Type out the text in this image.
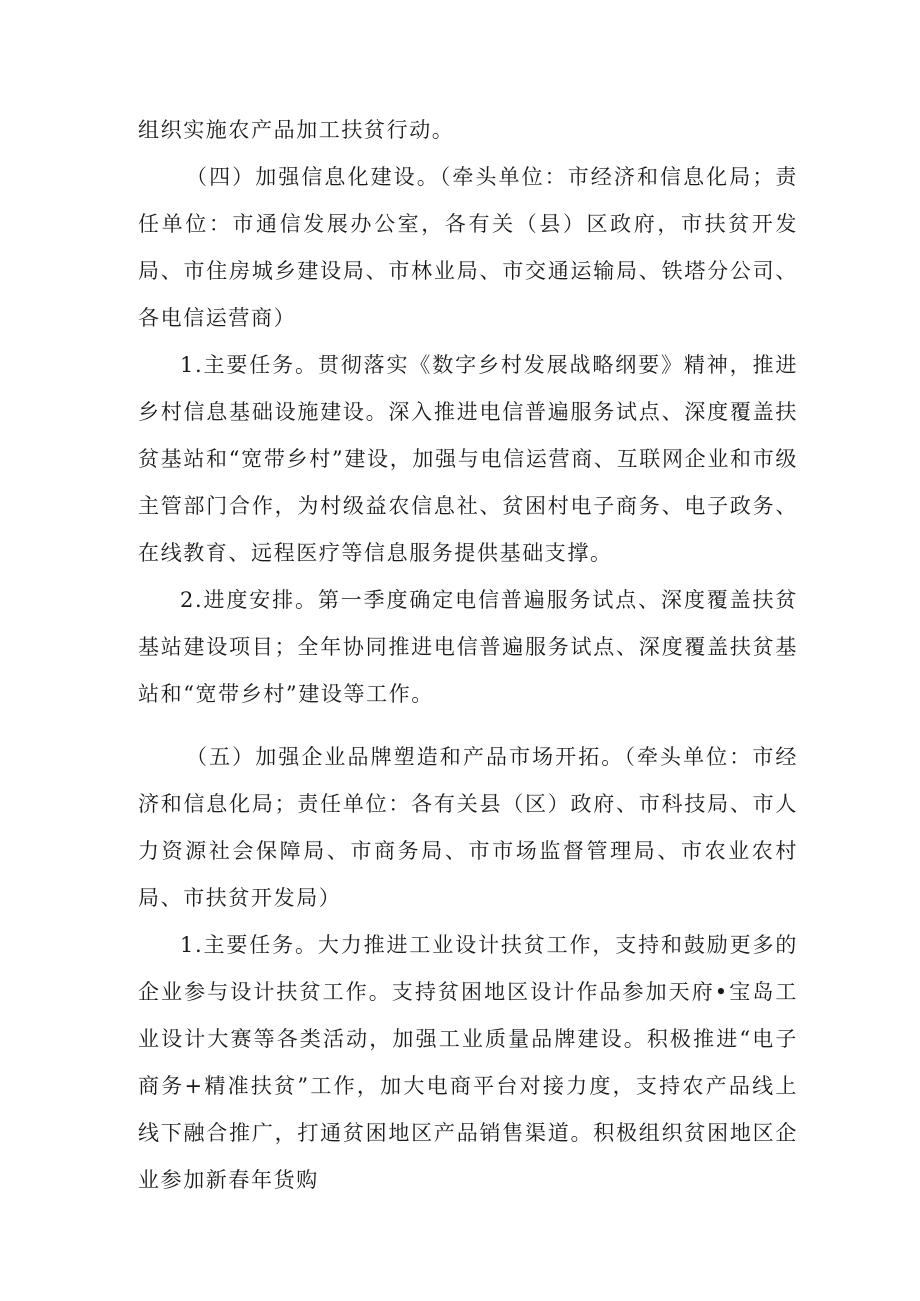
组织实施农产品加工扶贫行动。

（四）加强信息化建设。（牵头单位：市经济和信息化局；责任单位：市通信发展办公室，各有关（县）区政府，市扶贫开发局、市住房城乡建设局、市林业局、市交通运输局、铁塔分公司、各电信运营商）

1.主要任务。贯彻落实《数字乡村发展战略纲要》精神，推进乡村信息基础设施建设。深入推进电信普遍服务试点、深度覆盖扶贫基站和“宽带乡村”建设，加强与电信运营商、互联网企业和市级主管部门合作，为村级益农信息社、贫困村电子商务、电子政务、在线教育、远程医疗等信息服务提供基础支撑。

2.进度安排。第一季度确定电信普遍服务试点、深度覆盖扶贫基站建设项目；全年协同推进电信普遍服务试点、深度覆盖扶贫基站和“宽带乡村”建设等工作。

（五）加强企业品牌塑造和产品市场开拓。（牵头单位：市经济和信息化局；责任单位：各有关县（区）政府、市科技局、市人力资源社会保障局、市商务局、市市场监督管理局、市农业农村局、市扶贫开发局）

1.主要任务。大力推进工业设计扶贫工作，支持和鼓励更多的企业参与设计扶贫工作。支持贫困地区设计作品参加天府•宝岛工业设计大赛等各类活动，加强工业质量品牌建设。积极推进“电子商务+精准扶贫”工作，加大电商平台对接力度，支持农产品线上线下融合推广，打通贫困地区产品销售渠道。积极组织贫困地区企业参加新春年货购
